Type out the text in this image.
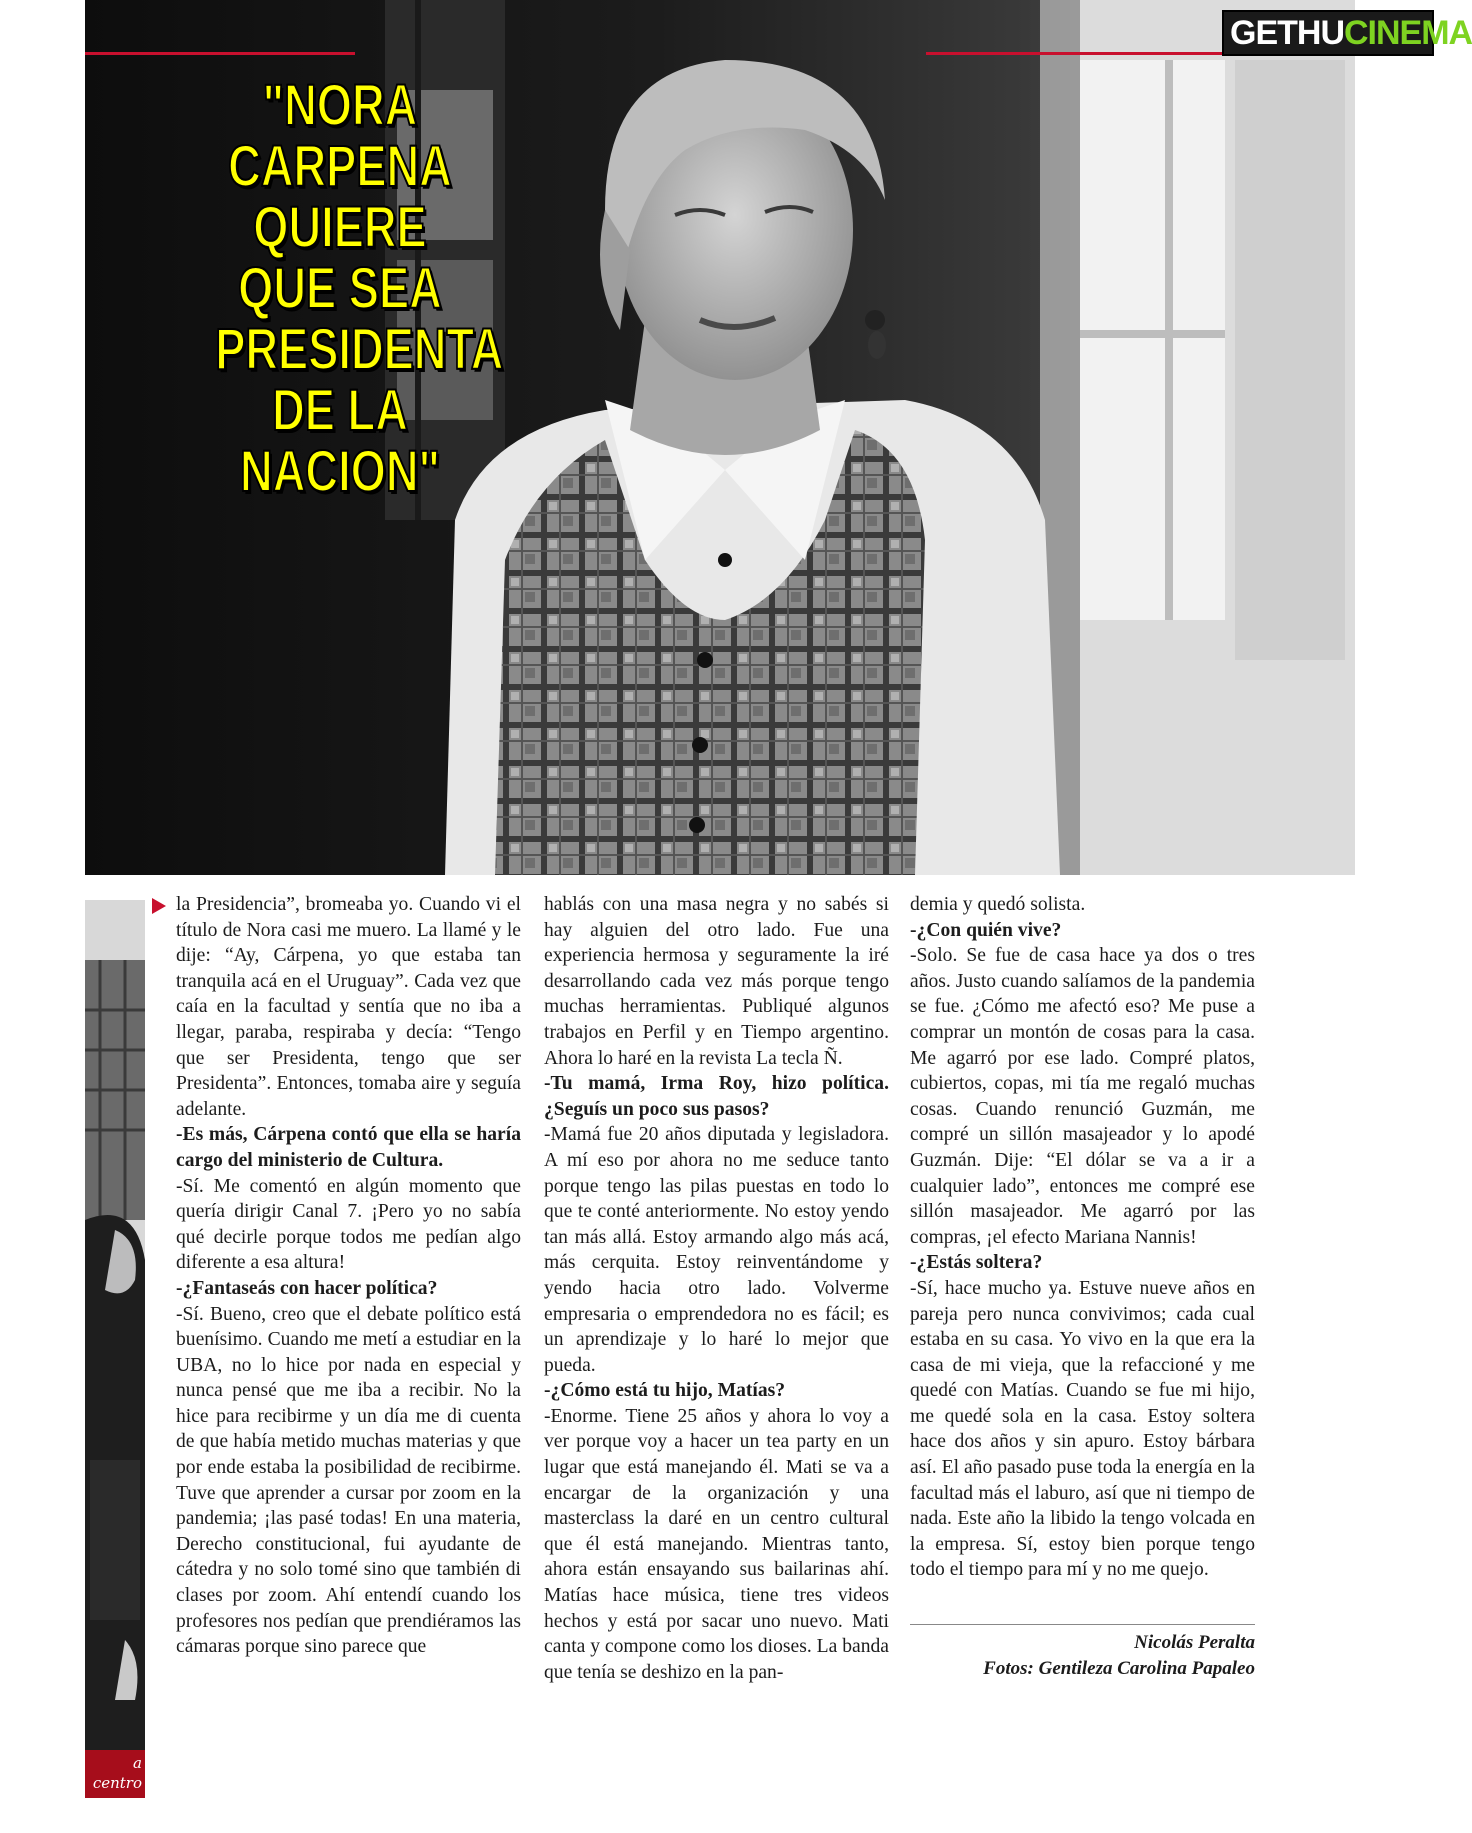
"NORA CARPENA QUIERE QUE SEA PRESIDENTA DE LA NACION"
GETHU CINEMA
a centro
a actriz.

la Presidencia”, bromeaba yo. Cuando vi el título de Nora casi me muero. La llamé y le dije: “Ay, Cárpena, yo que estaba tan tranquila acá en el Uruguay”. Cada vez que caía en la facultad y sentía que no iba a llegar, paraba, respiraba y decía: “Tengo que ser Presidenta, tengo que ser Presidenta”. Entonces, tomaba aire y seguía adelante.

-Es más, Cárpena contó que ella se haría cargo del ministerio de Cultura.

-Sí. Me comentó en algún momento que quería dirigir Canal 7. ¡Pero yo no sabía qué decirle porque todos me pedían algo diferente a esa altura!

-¿Fantaseás con hacer política?

-Sí. Bueno, creo que el debate político está buenísimo. Cuando me metí a estudiar en la UBA, no lo hice por nada en especial y nunca pensé que me iba a recibir. No la hice para recibirme y un día me di cuenta de que había metido muchas materias y que por ende estaba la posibilidad de recibirme. Tuve que aprender a cursar por zoom en la pandemia; ¡las pasé todas! En una materia, Derecho constitucional, fui ayudante de cátedra y no solo tomé sino que también di clases por zoom. Ahí entendí cuando los profesores nos pedían que prendiéramos las cámaras porque sino parece que

hablás con una masa negra y no sabés si hay alguien del otro lado. Fue una experiencia hermosa y seguramente la iré desarrollando cada vez más porque tengo muchas herramientas. Publiqué algunos trabajos en Perfil y en Tiempo argentino. Ahora lo haré en la revista La tecla Ñ.

-Tu mamá, Irma Roy, hizo política. ¿Seguís un poco sus pasos?

-Mamá fue 20 años diputada y legisladora. A mí eso por ahora no me seduce tanto porque tengo las pilas puestas en todo lo que te conté anteriormente. No estoy yendo tan más allá. Estoy armando algo más acá, más cerquita. Estoy reinventándome y yendo hacia otro lado. Volverme empresaria o emprendedora no es fácil; es un aprendizaje y lo haré lo mejor que pueda.

-¿Cómo está tu hijo, Matías?

-Enorme. Tiene 25 años y ahora lo voy a ver porque voy a hacer un tea party en un lugar que está manejando él. Mati se va a encargar de la organización y una masterclass la daré en un centro cultural que él está manejando. Mientras tanto, ahora están ensayando sus bailarinas ahí. Matías hace música, tiene tres videos hechos y está por sacar uno nuevo. Mati canta y compone como los dioses. La banda que tenía se deshizo en la pan-

demia y quedó solista.

-¿Con quién vive?

-Solo. Se fue de casa hace ya dos o tres años. Justo cuando salíamos de la pandemia se fue. ¿Cómo me afectó eso? Me puse a comprar un montón de cosas para la casa. Me agarró por ese lado. Compré platos, cubiertos, copas, mi tía me regaló muchas cosas. Cuando renunció Guzmán, me compré un sillón masajeador y lo apodé Guzmán. Dije: “El dólar se va a ir a cualquier lado”, entonces me compré ese sillón masajeador. Me agarró por las compras, ¡el efecto Mariana Nannis!

-¿Estás soltera?

-Sí, hace mucho ya. Estuve nueve años en pareja pero nunca convivimos; cada cual estaba en su casa. Yo vivo en la que era la casa de mi vieja, que la refaccioné y me quedé con Matías. Cuando se fue mi hijo, me quedé sola en la casa. Estoy soltera hace dos años y sin apuro. Estoy bárbara así. El año pasado puse toda la energía en la facultad más el laburo, así que ni tiempo de nada. Este año la libido la tengo volcada en la empresa. Sí, estoy bien porque tengo todo el tiempo para mí y no me quejo.

Nicolás Peralta
Fotos: Gentileza Carolina Papaleo
